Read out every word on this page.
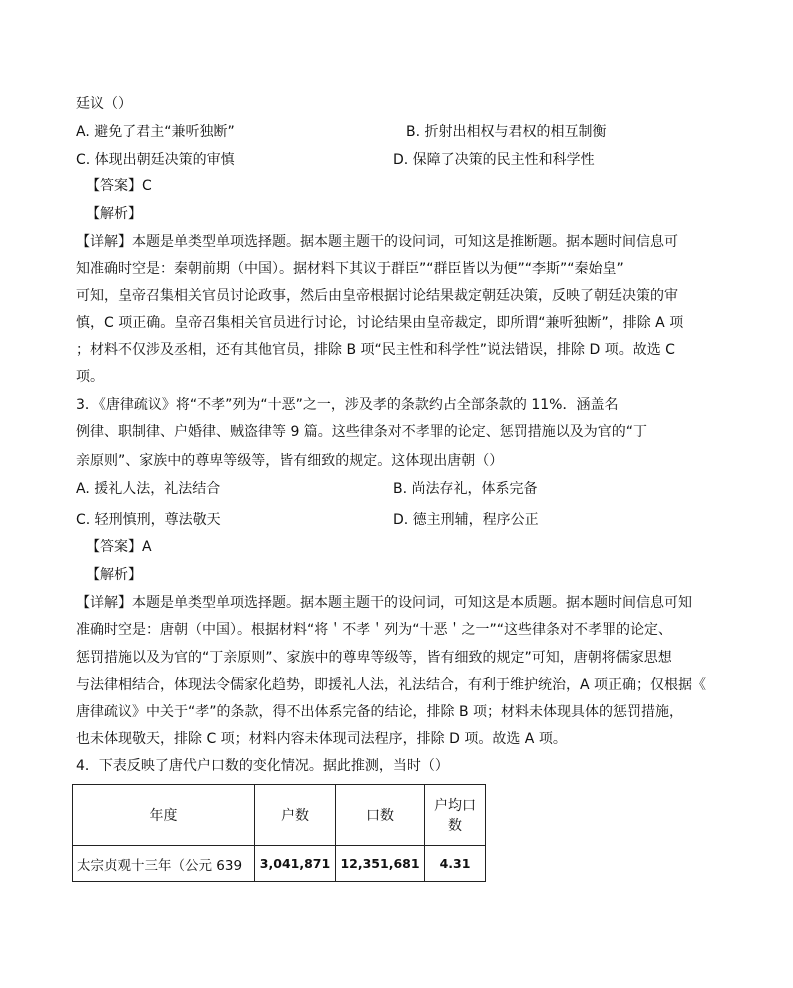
廷议（）
A. 避免了君主“兼听独断”	B. 折射出相权与君权的相互制衡
C. 体现出朝廷决策的审慎	D. 保障了决策的民主性和科学性
【答案】C
【解析】
【详解】本题是单类型单项选择题。据本题主题干的设问词，可知这是推断题。据本题时间信息可
知准确时空是：秦朝前期（中国）。据材料下其议于群臣”“群臣皆以为便”“李斯”“秦始皇”
可知，皇帝召集相关官员讨论政事，然后由皇帝根据讨论结果裁定朝廷决策，反映了朝廷决策的审
慎，C 项正确。皇帝召集相关官员进行讨论，讨论结果由皇帝裁定，即所谓“兼听独断”，排除 A 项
；材料不仅涉及丞相，还有其他官员，排除 B 项“民主性和科学性”说法错误，排除 D 项。故选 C
项。
3．《唐律疏议》将“不孝”列为“十恶”之一，涉及孝的条款约占全部条款的 11%．涵盖名
例律、职制律、户婚律、贼盗律等 9 篇。这些律条对不孝罪的论定、惩罚措施以及为官的“丁
亲原则”、家族中的尊卑等级等，皆有细致的规定。这体现出唐朝（）
A. 援礼人法，礼法结合	B. 尚法存礼，体系完备
C. 轻刑慎刑，尊法敬天	D. 德主刑辅，程序公正
【答案】A
【解析】
【详解】本题是单类型单项选择题。据本题主题干的设问词，可知这是本质题。据本题时间信息可知
准确时空是：唐朝（中国）。根据材料“将＇不孝＇列为“十恶＇之一”“这些律条对不孝罪的论定、
惩罚措施以及为官的“丁亲原则”、家族中的尊卑等级等，皆有细致的规定”可知，唐朝将儒家思想
与法律相结合，体现法令儒家化趋势，即援礼人法，礼法结合，有利于维护统治，A 项正确；仅根据《
唐律疏议》中关于“孝”的条款，得不出体系完备的结论，排除 B 项；材料未体现具体的惩罚措施，
也未体现敬天，排除 C 项；材料内容未体现司法程序，排除 D 项。故选 A 项。
4．下表反映了唐代户口数的变化情况。据此推测，当时（）
年度	户数	口数	户均口数
太宗贞观十三年（公元 639	3,041,871	12,351,681	4.31
